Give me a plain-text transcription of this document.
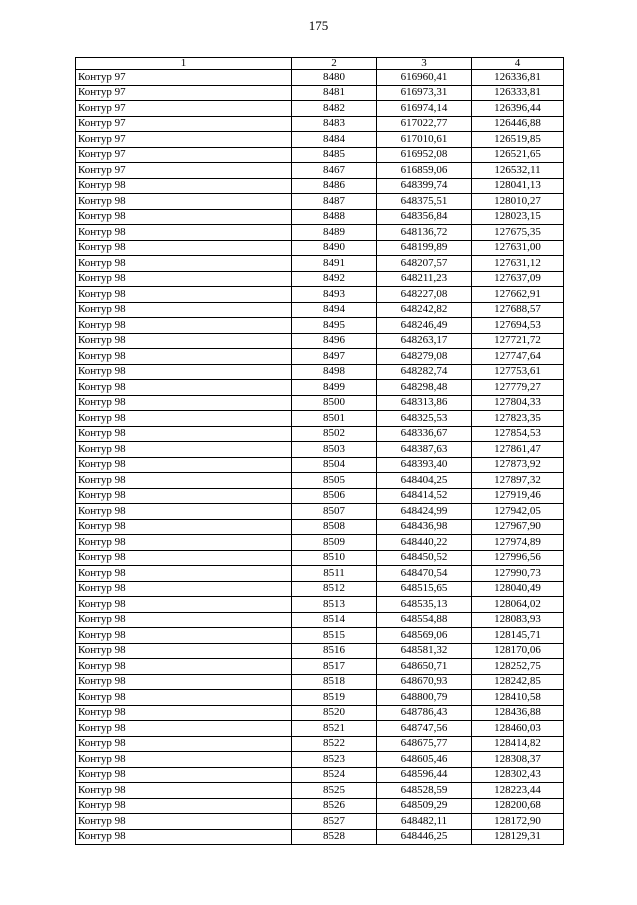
175
1	2	3	4
Контур 97	8480	616960,41	126336,81
Контур 97	8481	616973,31	126333,81
Контур 97	8482	616974,14	126396,44
Контур 97	8483	617022,77	126446,88
Контур 97	8484	617010,61	126519,85
Контур 97	8485	616952,08	126521,65
Контур 97	8467	616859,06	126532,11
Контур 98	8486	648399,74	128041,13
Контур 98	8487	648375,51	128010,27
Контур 98	8488	648356,84	128023,15
Контур 98	8489	648136,72	127675,35
Контур 98	8490	648199,89	127631,00
Контур 98	8491	648207,57	127631,12
Контур 98	8492	648211,23	127637,09
Контур 98	8493	648227,08	127662,91
Контур 98	8494	648242,82	127688,57
Контур 98	8495	648246,49	127694,53
Контур 98	8496	648263,17	127721,72
Контур 98	8497	648279,08	127747,64
Контур 98	8498	648282,74	127753,61
Контур 98	8499	648298,48	127779,27
Контур 98	8500	648313,86	127804,33
Контур 98	8501	648325,53	127823,35
Контур 98	8502	648336,67	127854,53
Контур 98	8503	648387,63	127861,47
Контур 98	8504	648393,40	127873,92
Контур 98	8505	648404,25	127897,32
Контур 98	8506	648414,52	127919,46
Контур 98	8507	648424,99	127942,05
Контур 98	8508	648436,98	127967,90
Контур 98	8509	648440,22	127974,89
Контур 98	8510	648450,52	127996,56
Контур 98	8511	648470,54	127990,73
Контур 98	8512	648515,65	128040,49
Контур 98	8513	648535,13	128064,02
Контур 98	8514	648554,88	128083,93
Контур 98	8515	648569,06	128145,71
Контур 98	8516	648581,32	128170,06
Контур 98	8517	648650,71	128252,75
Контур 98	8518	648670,93	128242,85
Контур 98	8519	648800,79	128410,58
Контур 98	8520	648786,43	128436,88
Контур 98	8521	648747,56	128460,03
Контур 98	8522	648675,77	128414,82
Контур 98	8523	648605,46	128308,37
Контур 98	8524	648596,44	128302,43
Контур 98	8525	648528,59	128223,44
Контур 98	8526	648509,29	128200,68
Контур 98	8527	648482,11	128172,90
Контур 98	8528	648446,25	128129,31
